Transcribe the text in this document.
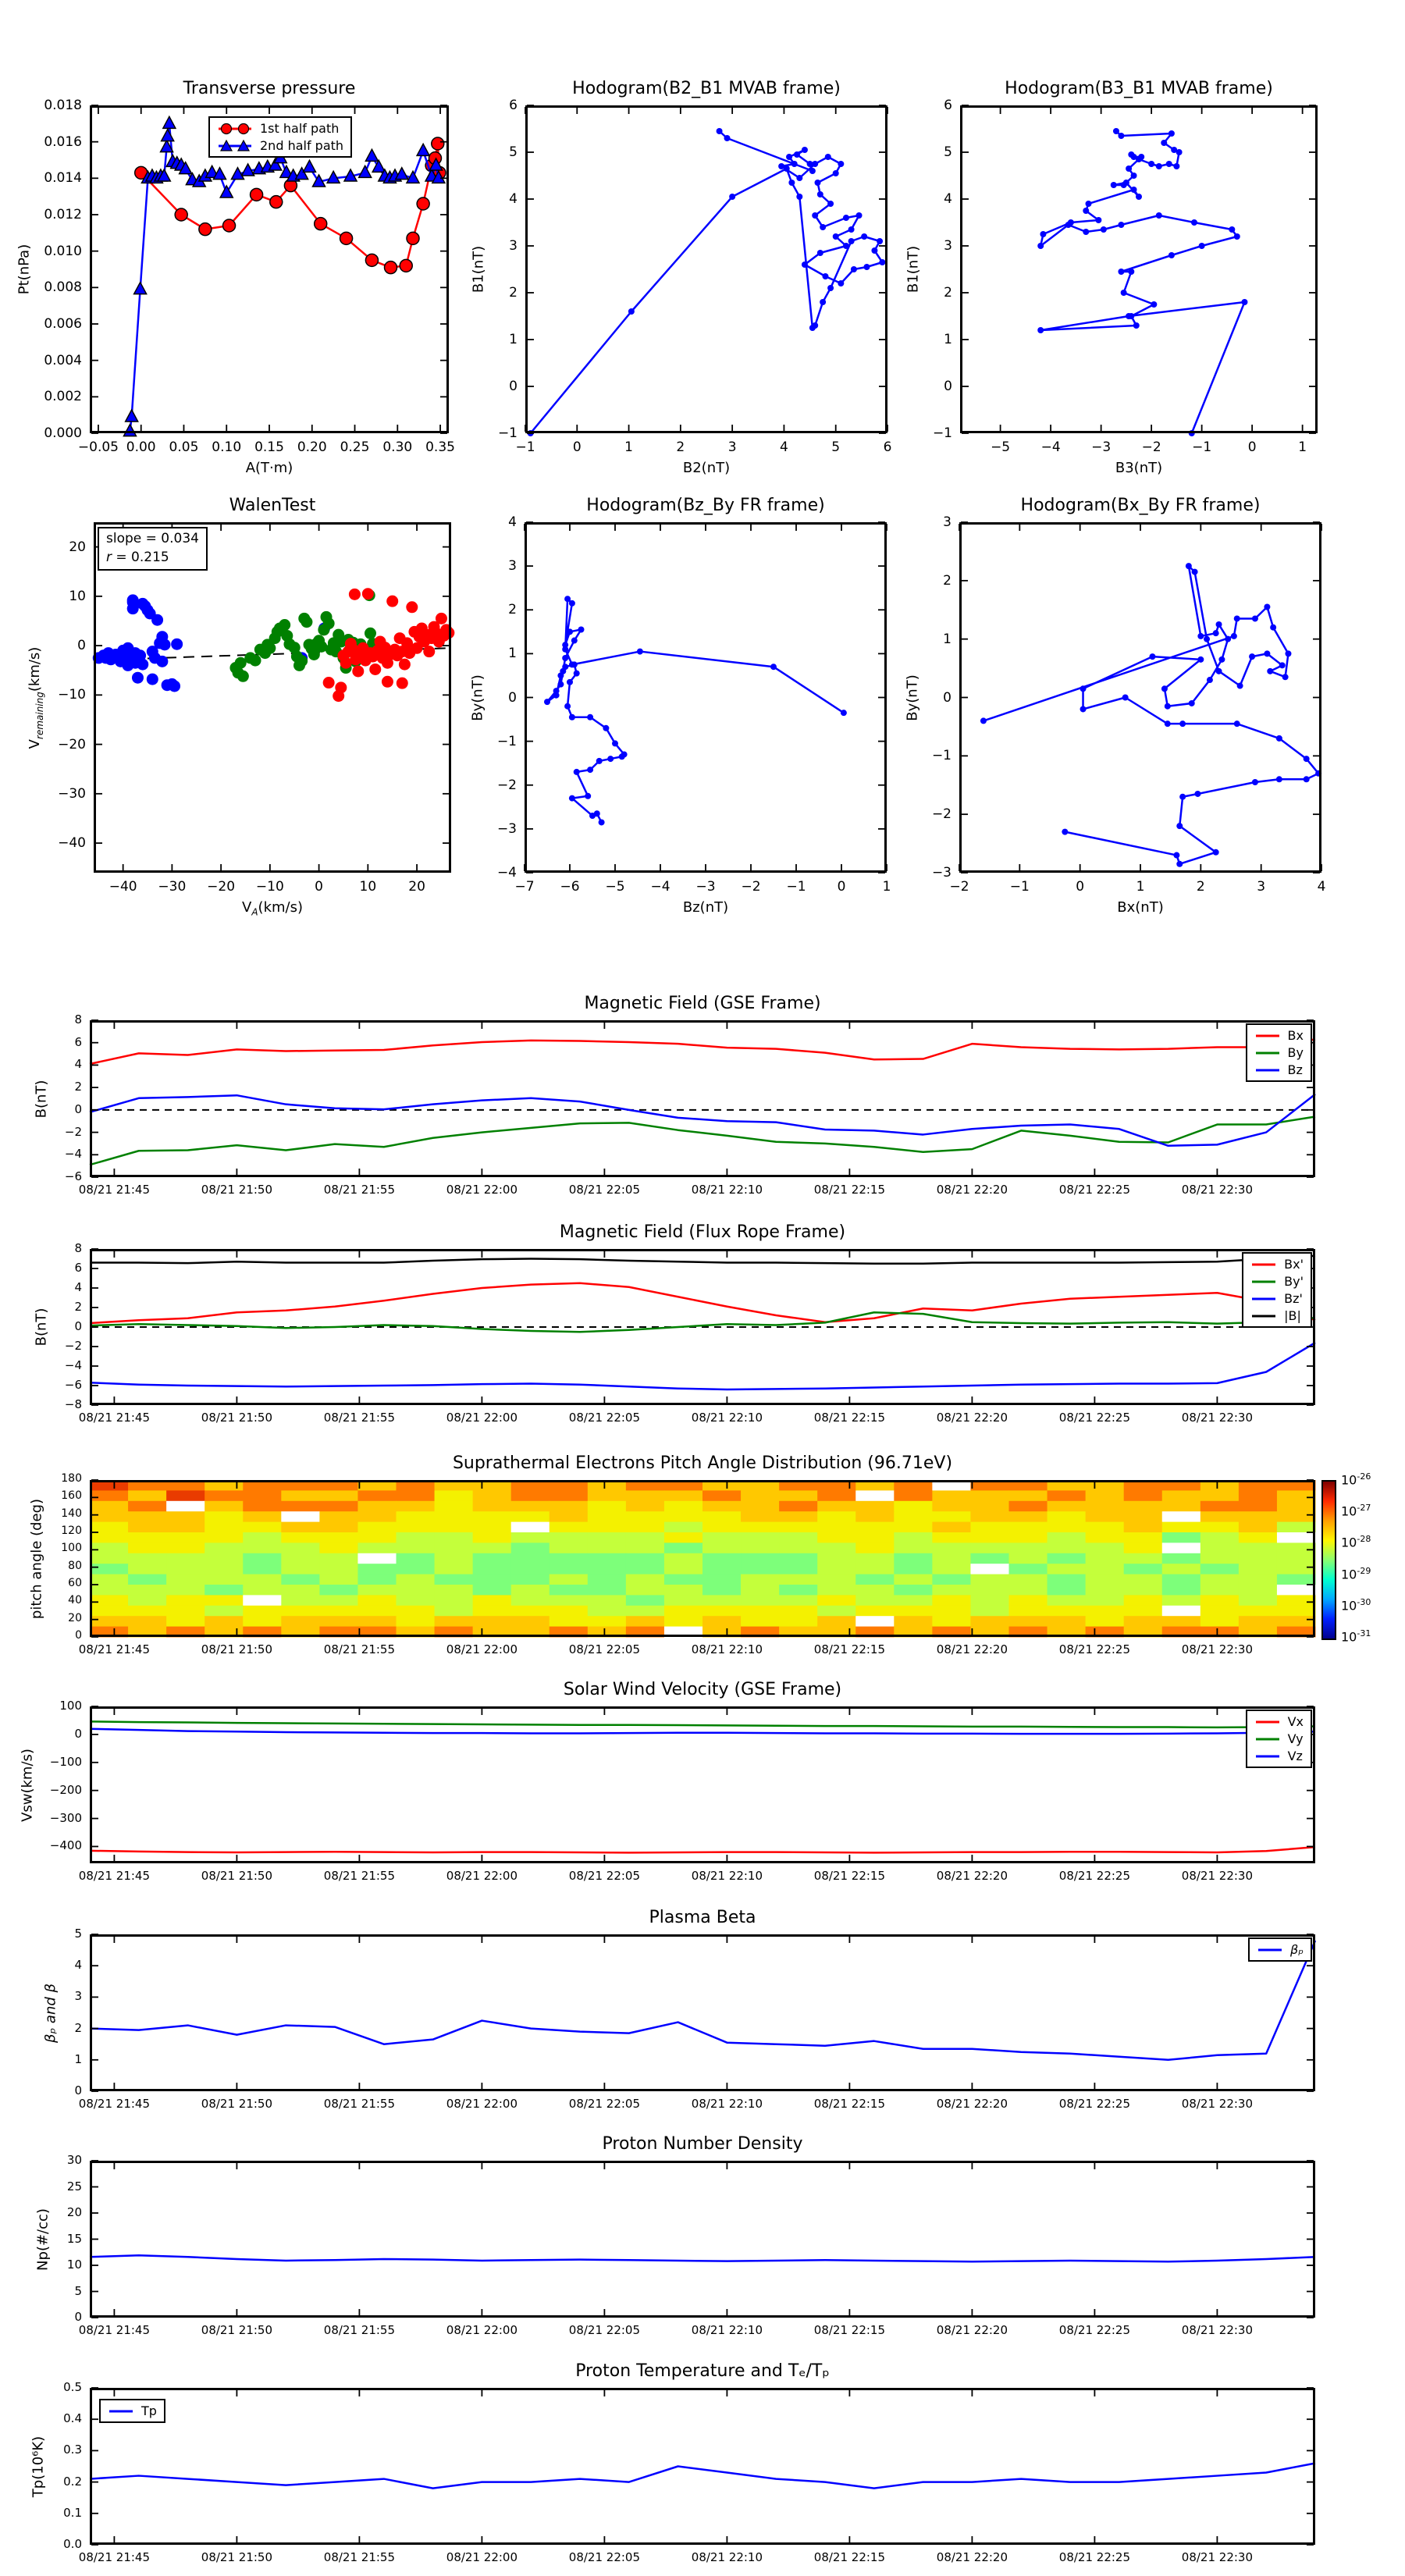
Transverse pressure
−0.05 0.00 0.05 0.10 0.15 0.20 0.25 0.30 0.35
0.000
0.002
0.004
0.006
0.008
0.010
0.012
0.014
0.016
0.018
Pt(nPa)
A(T·m)
1st half path
2nd half path
Hodogram(B2_B1 MVAB frame)
−1	0	1	2	3	4	5	6
−1
0
1
2
3
4
5
6
B1(nT)
B2(nT)
Hodogram(B3_B1 MVAB frame)
−5 −4 −3 −2 −1	0	1
−1
0
1
2
3
4
5
6
B1(nT)
B3(nT)
WalenTest
−40 −30 −20 −10 0	10 20
−40
−30
−20
−10
0
10
20
$V_{remaining}(km/s)$
$V_A(km/s)$
slope = 0.034
r = 0.215
Hodogram(Bz_By FR frame)
−7 −6 −5 −4 −3 −2 −1 0	1
−4
−3
−2
−1
0
1
2
3
4
By(nT)
Bz(nT)
Hodogram(Bx_By FR frame)
−2	−1	0	1	2	3	4
−3
−2
−1
0
1
2
3
By(nT)
Bx(nT)
Magnetic Field (GSE Frame)
08/21 21:45	08/21 21:50	08/21 21:55	08/21 22:00	08/21 22:05	08/21 22:10	08/21 22:15	08/21 22:20	08/21 22:25	08/21 22:30
−6
−4
−2
0
2
4
6
8
B(nT)
Bx
By
Bz
Magnetic Field (Flux Rope Frame)
08/21 21:45	08/21 21:50	08/21 21:55	08/21 22:00	08/21 22:05	08/21 22:10	08/21 22:15	08/21 22:20	08/21 22:25	08/21 22:30
−8
−6
−4
−2
0
2
4
6
8
B(nT)
Bx'
By'
Bz'
|B|
Suprathermal Electrons Pitch Angle Distribution (96.71eV)
08/21 21:45	08/21 21:50	08/21 21:55	08/21 22:00	08/21 22:05	08/21 22:10	08/21 22:15	08/21 22:20	08/21 22:25	08/21 22:30
0
20
40
60
80
100
120
140
160
180
pitch angle (deg)
$10^{-26}$
$10^{-27}$
$10^{-28}$
$10^{-29}$
$10^{-30}$
$10^{-31}$
Solar Wind Velocity (GSE Frame)
08/21 21:45	08/21 21:50	08/21 21:55	08/21 22:00	08/21 22:05	08/21 22:10	08/21 22:15	08/21 22:20	08/21 22:25	08/21 22:30
−400
−300
−200
−100
0
100
Vsw(km/s)
Vx
Vy
Vz
Plasma Beta
08/21 21:45	08/21 21:50	08/21 21:55	08/21 22:00	08/21 22:05	08/21 22:10	08/21 22:15	08/21 22:20	08/21 22:25	08/21 22:30
0
1
2
3
4
5
βₚ and β
βₚ
Proton Number Density
08/21 21:45	08/21 21:50	08/21 21:55	08/21 22:00	08/21 22:05	08/21 22:10	08/21 22:15	08/21 22:20	08/21 22:25	08/21 22:30
0
5
10
15
20
25
30
Np(#/cc)
Proton Temperature and Tₑ/Tₚ
08/21 21:45	08/21 21:50	08/21 21:55	08/21 22:00	08/21 22:05	08/21 22:10	08/21 22:15	08/21 22:20	08/21 22:25	08/21 22:30
0.0
0.1
0.2
0.3
0.4
0.5
Tp(10⁶K)
Tp
